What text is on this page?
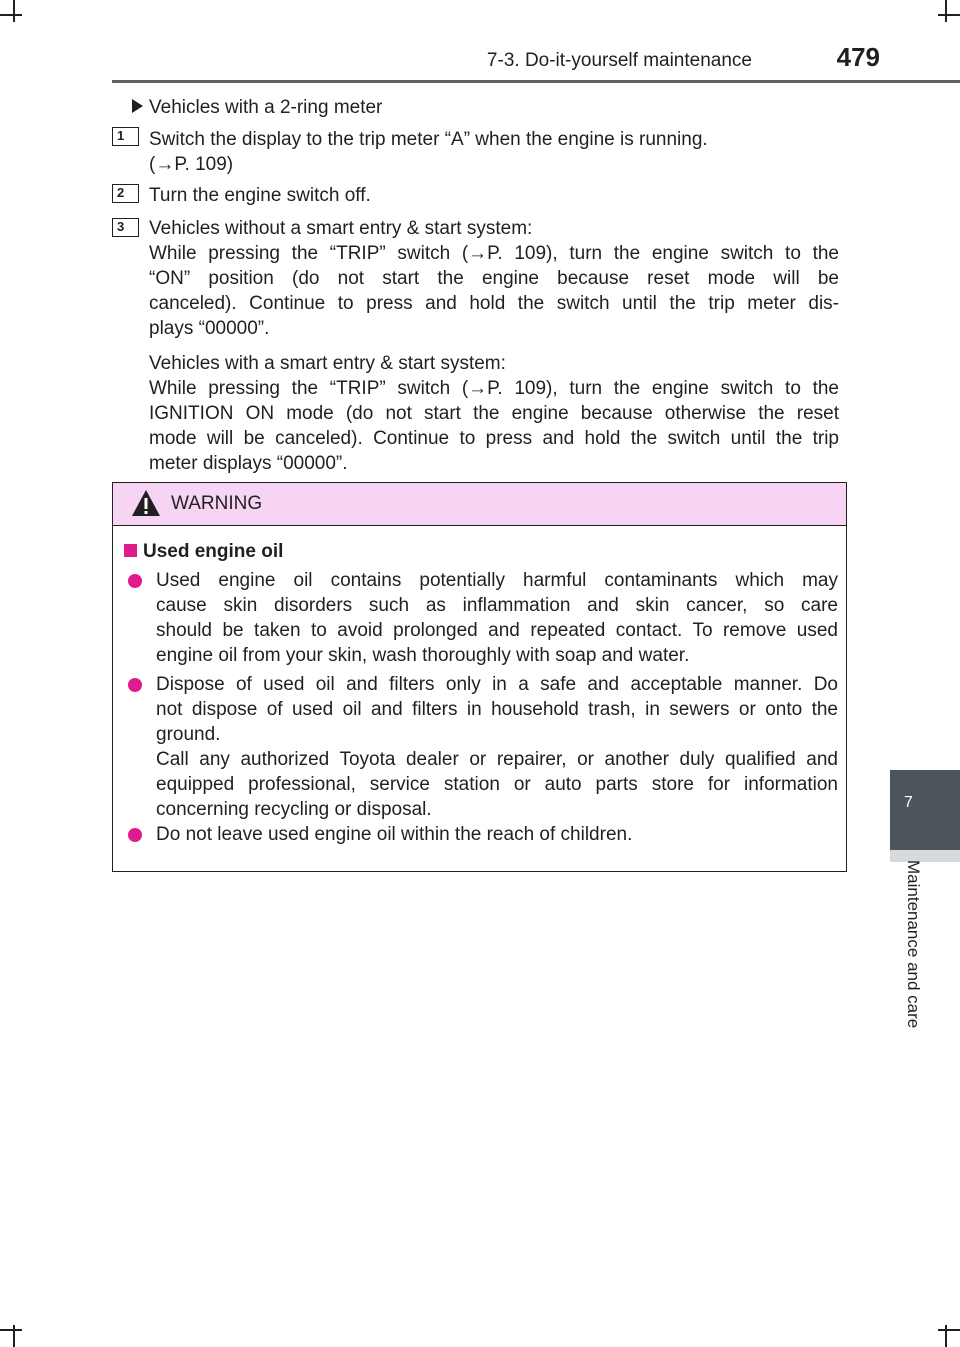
7-3. Do-it-yourself maintenance	479
7
Maintenance and care
Vehicles with a 2-ring meter
1	Switch the display to the trip meter “A” when the engine is running.
(→P. 109)
2	Turn the engine switch off.
3	Vehicles without a smart entry & start system:
While pressing the “TRIP” switch (→P. 109), turn the engine switch to the
“ON” position (do not start the engine because reset mode will be
canceled). Continue to press and hold the switch until the trip meter dis-
plays “00000”.
Vehicles with a smart entry & start system:
While pressing the “TRIP” switch (→P. 109), turn the engine switch to the
IGNITION ON mode (do not start the engine because otherwise the reset
mode will be canceled). Continue to press and hold the switch until the trip
meter displays “00000”.
WARNING
Used engine oil
Used engine oil contains potentially harmful contaminants which may
cause skin disorders such as inflammation and skin cancer, so care
should be taken to avoid prolonged and repeated contact. To remove used
engine oil from your skin, wash thoroughly with soap and water.
Dispose of used oil and filters only in a safe and acceptable manner. Do
not dispose of used oil and filters in household trash, in sewers or onto the
ground.
Call any authorized Toyota dealer or repairer, or another duly qualified and
equipped professional, service station or auto parts store for information
concerning recycling or disposal.
Do not leave used engine oil within the reach of children.
